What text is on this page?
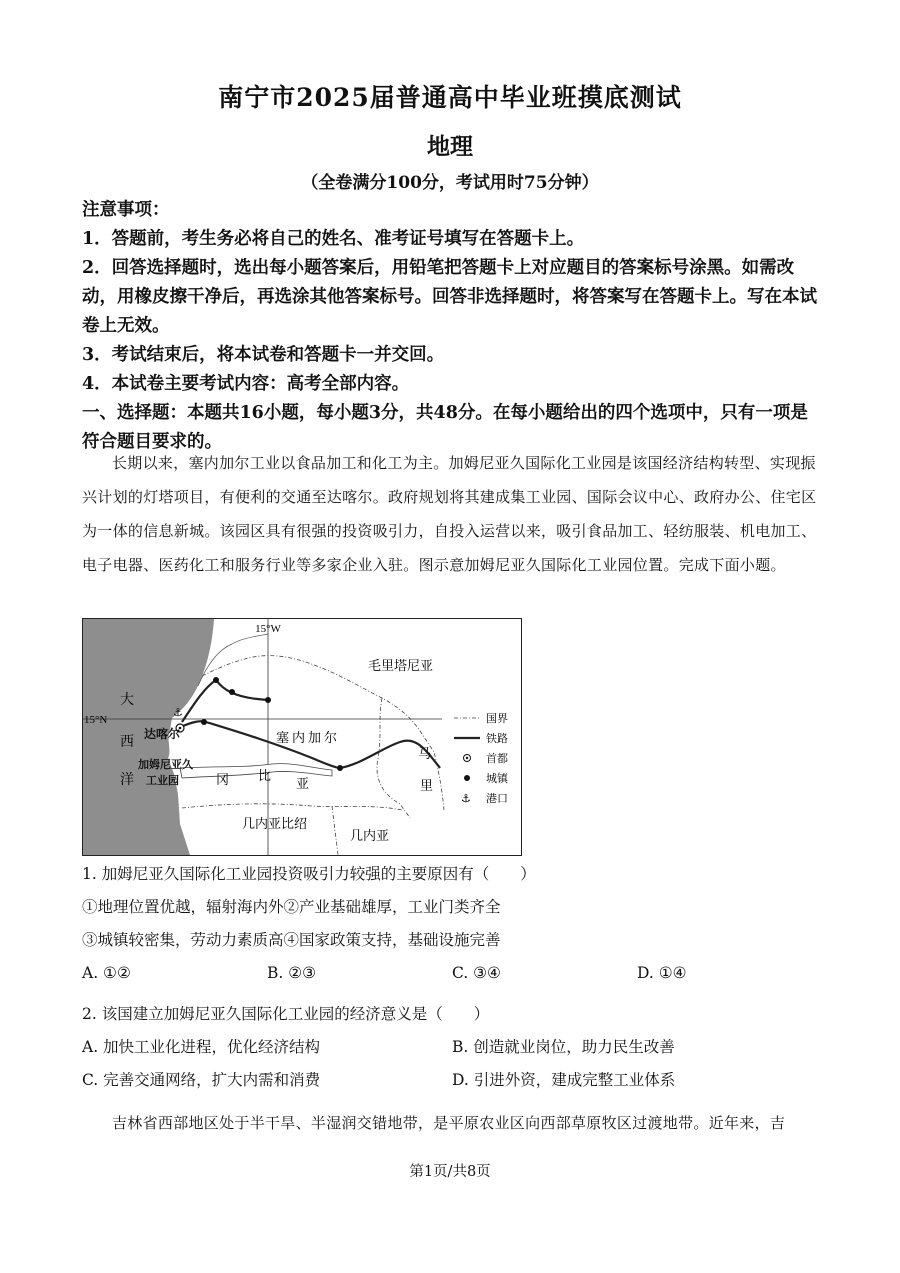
南宁市2025届普通高中毕业班摸底测试
地理
（全卷满分100分，考试用时75分钟）

注意事项：

1．答题前，考生务必将自己的姓名、准考证号填写在答题卡上。

2．回答选择题时，选出每小题答案后，用铅笔把答题卡上对应题目的答案标号涂黑。如需改动，用橡皮擦干净后，再选涂其他答案标号。回答非选择题时，将答案写在答题卡上。写在本试卷上无效。

3．考试结束后，将本试卷和答题卡一并交回。

4．本试卷主要考试内容：高考全部内容。

一、选择题：本题共16小题，每小题3分，共48分。在每小题给出的四个选项中，只有一项是符合题目要求的。

长期以来，塞内加尔工业以食品加工和化工为主。加姆尼亚久国际化工业园是该国经济结构转型、实现振兴计划的灯塔项目，有便利的交通至达喀尔。政府规划将其建成集工业园、国际会议中心、政府办公、住宅区为一体的信息新城。该园区具有很强的投资吸引力，自投入运营以来，吸引食品加工、轻纺服装、机电加工、电子电器、医药化工和服务行业等多家企业入驻。图示意加姆尼亚久国际化工业园位置。完成下面小题。

⚓
15°W
15°N
大
西
洋
达喀尔
加姆尼亚久
工业园
毛里塔尼亚
塞内加尔
冈 比
亚
几内亚比绍
几内亚
马
里
国界
铁路
首都
城镇
⚓ 港口

1. 加姆尼亚久国际化工业园投资吸引力较强的主要原因有（　　）

①地理位置优越，辐射海内外②产业基础雄厚，工业门类齐全

③城镇较密集，劳动力素质高④国家政策支持，基础设施完善

A. ①②	B. ②③	C. ③④	D. ①④

2. 该国建立加姆尼亚久国际化工业园的经济意义是（　　）

A. 加快工业化进程，优化经济结构	B. 创造就业岗位，助力民生改善
C. 完善交通网络，扩大内需和消费	D. 引进外资，建成完整工业体系

吉林省西部地区处于半干旱、半湿润交错地带，是平原农业区向西部草原牧区过渡地带。近年来，吉

第1页/共8页
